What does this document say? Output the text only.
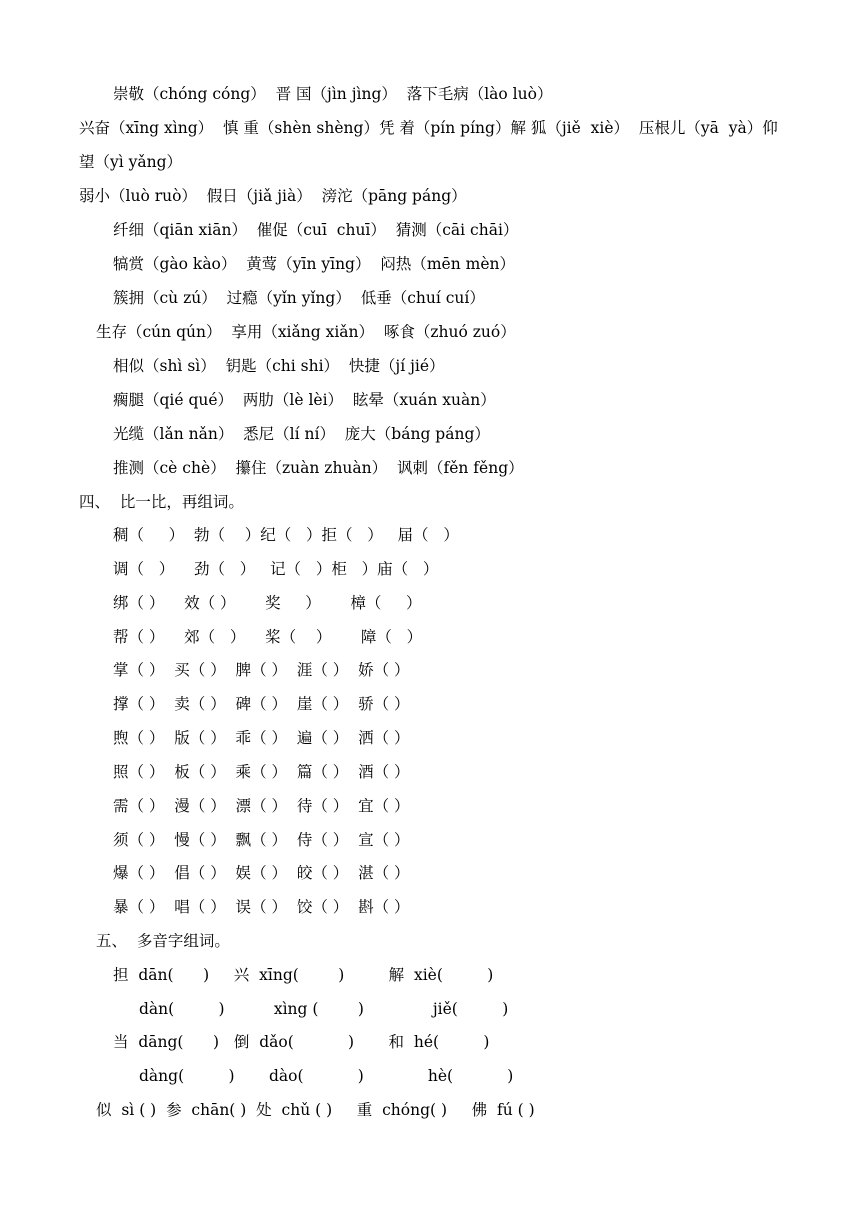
崇敬（chóng cóng）  晋 国（jìn jìng）  落下毛病（lào luò）
兴奋（xīng xìng）  慎 重（shèn shèng）凭 着（pín píng）解 狐（jiě  xiè）  压根儿（yā  yà）仰
望（yì yǎng）
弱小（luò ruò）  假日（jiǎ jià）  滂沱（pāng páng）
纤细（qiān xiān）  催促（cuī  chuī）  猜测（cāi chāi）
犒赏（gào kào）  黄莺（yīn yīng）  闷热（mēn mèn）
簇拥（cù zú）  过瘾（yǐn yǐng）  低垂（chuí cuí）
生存（cún qún）  享用（xiǎng xiǎn）  啄食（zhuó zuó）
相似（shì sì）  钥匙（chi shi）  快捷（jí jié）
瘸腿（qié qué）  两肋（lè lèi）  眩晕（xuán xuàn）
光缆（lǎn nǎn）  悉尼（lí ní）  庞大（báng páng）
推测（cè chè）  攥住（zuàn zhuàn）  讽刺（fěn fěng）
四、  比一比，再组词。
稠（     ）  勃（    ）纪（   ）拒（   ）   届（   ）
调（   ）    劲（   ）   记（   ）柜   ）庙（   ）
绑（ ）    效（ ）      奖     ）      樟（     ）
帮（ ）    郊（   ）    桨（    ）      障（   ）
掌（ ）  买（ ）  脾（ ）  涯（ ）  娇（ ）
撑（ ）  卖（ ）  碑（ ）  崖（ ）  骄（ ）
煦（ ）  版（ ）  乖（ ）  遍（ ）  洒（ ）
照（ ）  板（ ）  乘（ ）  篇（ ）  酒（ ）
需（ ）  漫（ ）  漂（ ）  待（ ）  宜（ ）
须（ ）  慢（ ）  飘（ ）  侍（ ）  宣（ ）
爆（ ）  倡（ ）  娱（ ）  皎（ ）  湛（ ）
暴（ ）  唱（ ）  误（ ）  饺（ ）  斟（ ）
五、  多音字组词。
担  dān(      )     兴  xīng(        )         解  xiè(         )
dàn(         )          xìng (        )              jiě(         )
当  dāng(      )   倒  dǎo(           )       和  hé(         )
dàng(         )       dào(           )             hè(           )
似  sì ( )  参  chān( )  处  chǔ ( )     重  chóng( )     佛  fú ( )
